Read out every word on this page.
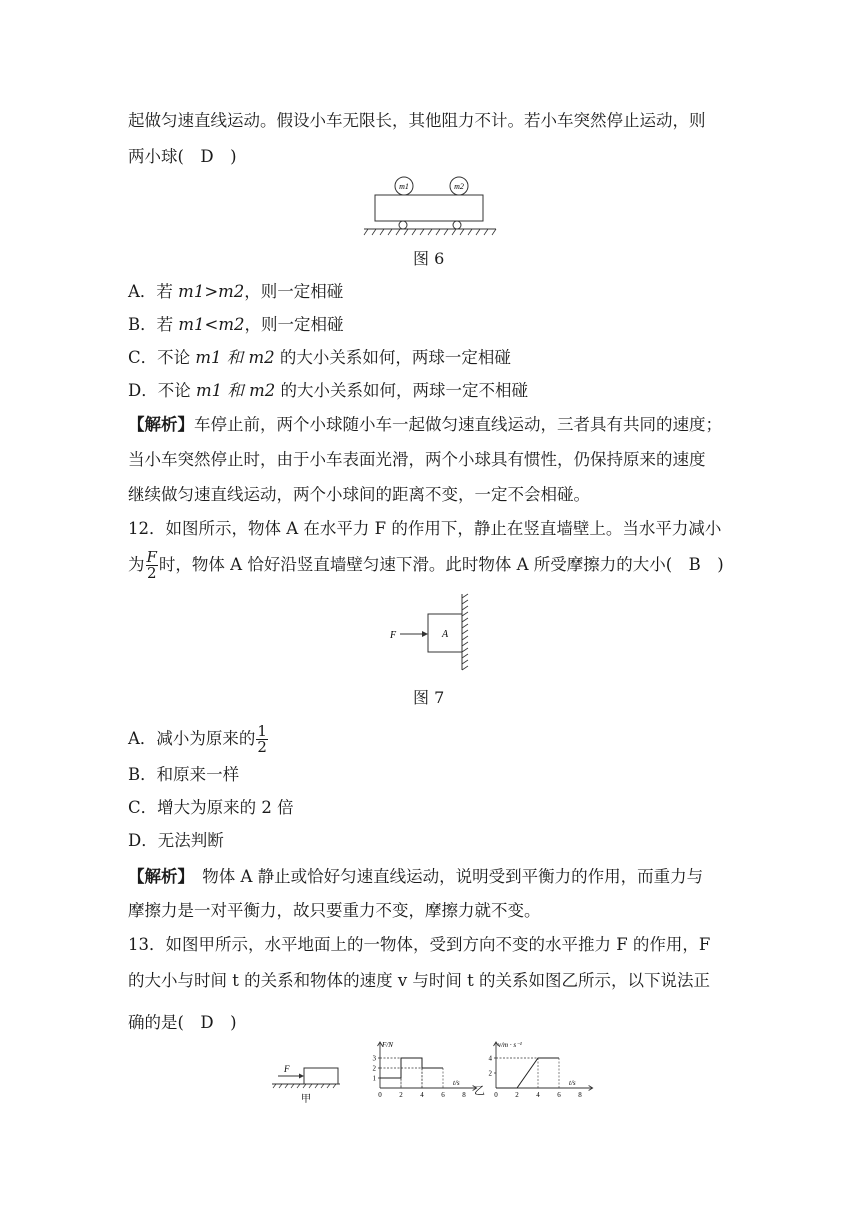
起做匀速直线运动。假设小车无限长，其他阻力不计。若小车突然停止运动，则
两小球(　D　)
m1	m2
图 6
A．若 m1>m2，则一定相碰
B．若 m1<m2，则一定相碰
C．不论 m1 和 m2 的大小关系如何，两球一定相碰
D．不论 m1 和 m2 的大小关系如何，两球一定不相碰
【解析】车停止前，两个小球随小车一起做匀速直线运动，三者具有共同的速度；
当小车突然停止时，由于小车表面光滑，两个小球具有惯性，仍保持原来的速度
继续做匀速直线运动，两个小球间的距离不变，一定不会相碰。
12．如图所示，物体 A 在水平力 F 的作用下，静止在竖直墙壁上。当水平力减小
为 $\frac{F}{2}$ 时，物体 A 恰好沿竖直墙壁匀速下滑。此时物体 A 所受摩擦力的大小(　B　)
F	A
图 7
A．减小为原来的 $\frac{1}{2}$
B．和原来一样
C．增大为原来的 2 倍
D．无法判断
【解析】　 物体 A 静止或恰好匀速直线运动，说明受到平衡力的作用，而重力与
摩擦力是一对平衡力，故只要重力不变，摩擦力就不变。
13．如图甲所示，水平地面上的一物体，受到方向不变的水平推力 F 的作用，F
的大小与时间 t 的关系和物体的速度 v 与时间 t 的关系如图乙所示，以下说法正
确的是(　D　)
F
甲
F/N
t/s
0	2	4	6	8
1
2
3
v/m · s⁻¹
t/s
0	2	4	6	8
2
4
乙
